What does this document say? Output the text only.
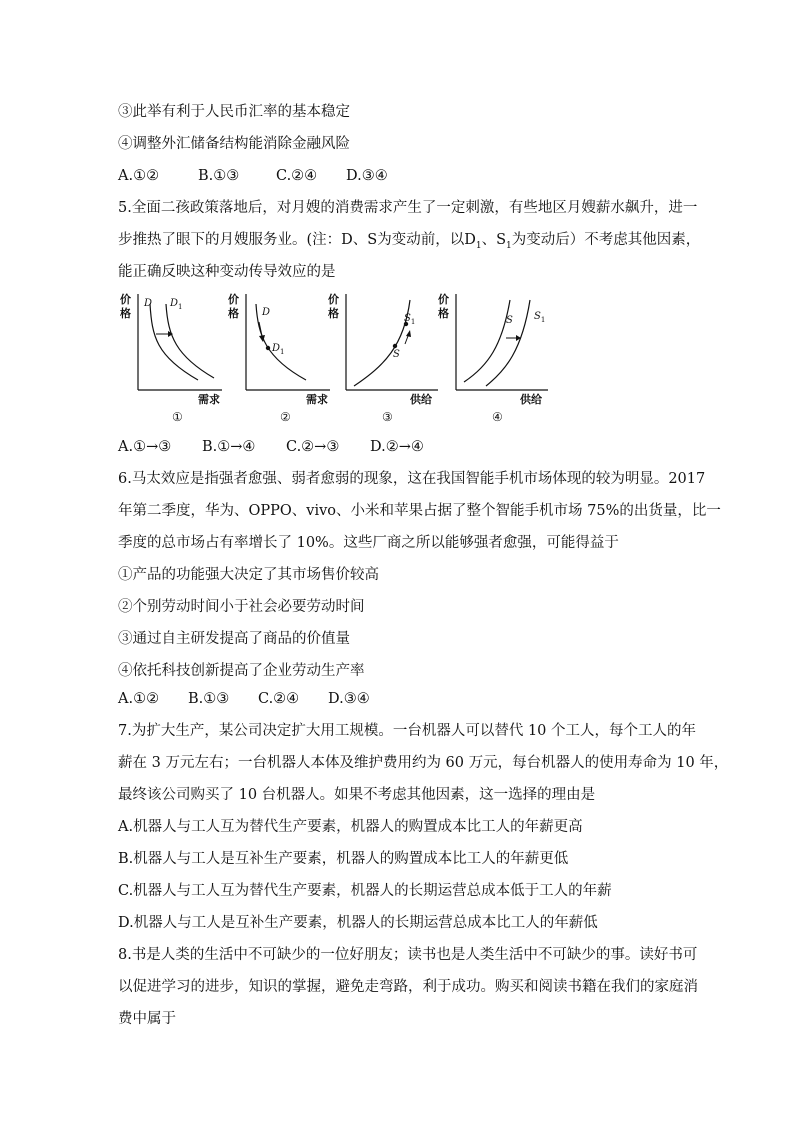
③此举有利于人民币汇率的基本稳定
④调整外汇储备结构能消除金融风险
A.①②	B.①③	C.②④ D.③④
5.全面二孩政策落地后，对月嫂的消费需求产生了一定刺激，有些地区月嫂薪水飙升，进一
步推热了眼下的月嫂服务业。(注：D、S为变动前，以$D_1$、$S_1$为变动后）不考虑其他因素，
能正确反映这种变动传导效应的是
价
格
D $D_1$
需求
①
价
格 D
$D_1$
需求
②
价
格
S
$S_1$
供给
③
价
格
S $S_1$
供给
④
A.①→③ B.①→④ C.②→③ D.②→④
6.马太效应是指强者愈强、弱者愈弱的现象，这在我国智能手机市场体现的较为明显。2017
年第二季度，华为、OPPO、vivo、小米和苹果占据了整个智能手机市场 75%的出货量，比一
季度的总市场占有率增长了 10%。这些厂商之所以能够强者愈强，可能得益于
①产品的功能强大决定了其市场售价较高
②个别劳动时间小于社会必要劳动时间
③通过自主研发提高了商品的价值量
④依托科技创新提高了企业劳动生产率
A.①② B.①③ C.②④ D.③④
7.为扩大生产，某公司决定扩大用工规模。一台机器人可以替代 10 个工人，每个工人的年
薪在 3 万元左右；一台机器人本体及维护费用约为 60 万元，每台机器人的使用寿命为 10 年，
最终该公司购买了 10 台机器人。如果不考虑其他因素，这一选择的理由是
A.机器人与工人互为替代生产要素，机器人的购置成本比工人的年薪更高
B.机器人与工人是互补生产要素，机器人的购置成本比工人的年薪更低
C.机器人与工人互为替代生产要素，机器人的长期运营总成本低于工人的年薪
D.机器人与工人是互补生产要素，机器人的长期运营总成本比工人的年薪低
8.书是人类的生活中不可缺少的一位好朋友；读书也是人类生活中不可缺少的事。读好书可
以促进学习的进步，知识的掌握，避免走弯路，利于成功。购买和阅读书籍在我们的家庭消
费中属于
